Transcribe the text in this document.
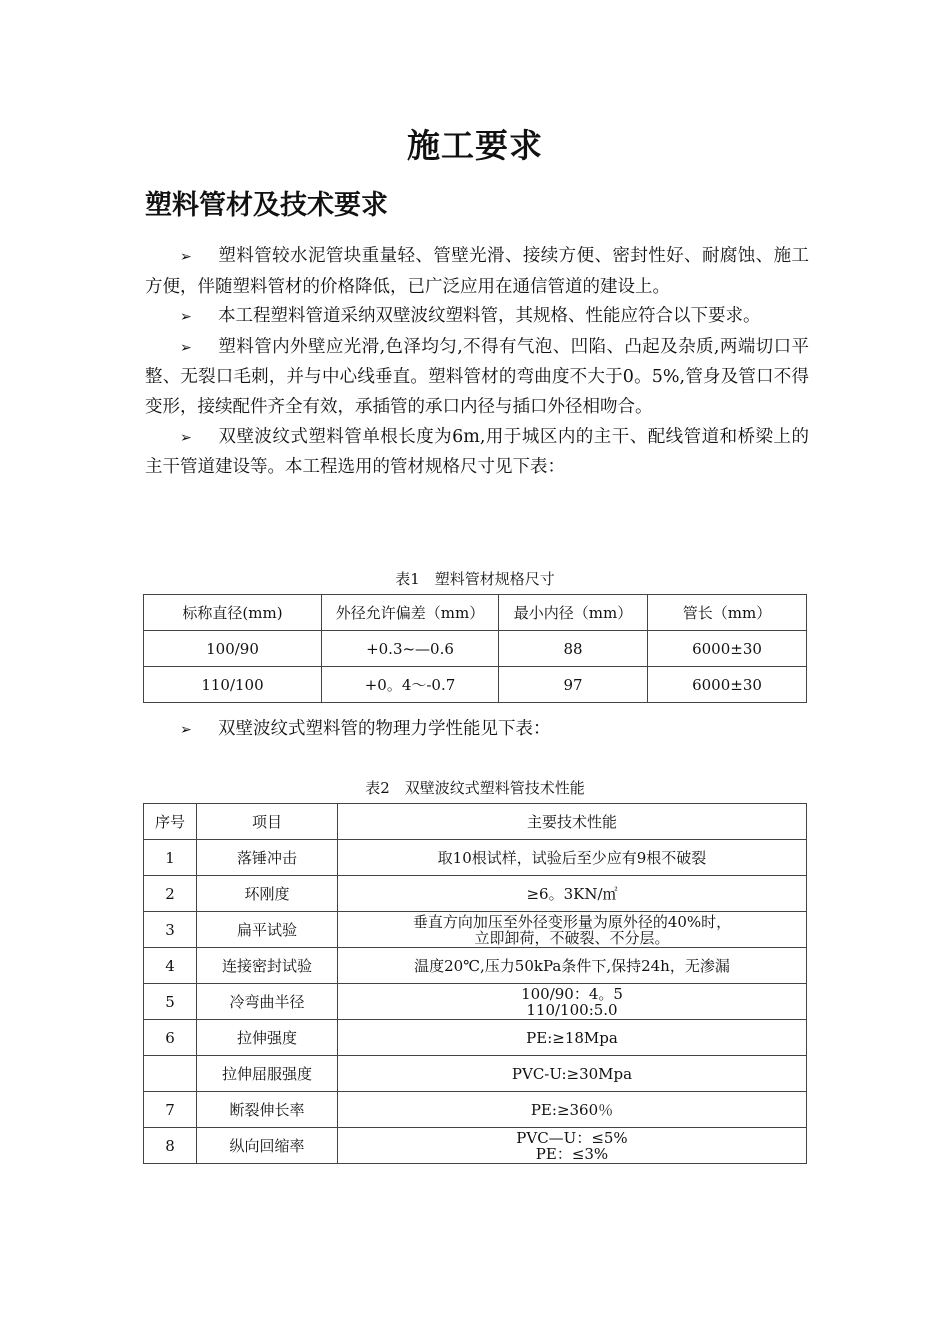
施工要求
塑料管材及技术要求

➢ 塑料管较水泥管块重量轻、管壁光滑、接续方便、密封性好、耐腐蚀、施工方便，伴随塑料管材的价格降低，已广泛应用在通信管道的建设上。

➢ 本工程塑料管道采纳双壁波纹塑料管，其规格、性能应符合以下要求。

➢ 塑料管内外壁应光滑,色泽均匀,不得有气泡、凹陷、凸起及杂质,两端切口平整、无裂口毛刺，并与中心线垂直。塑料管材的弯曲度不大于0。5%,管身及管口不得变形，接续配件齐全有效，承插管的承口内径与插口外径相吻合。

➢ 双壁波纹式塑料管单根长度为6m,用于城区内的主干、配线管道和桥梁上的主干管道建设等。本工程选用的管材规格尺寸见下表：

表1　塑料管材规格尺寸
标称直径(mm)	外径允许偏差（mm）	最小内径（mm）	管长（mm）
100/90	+0.3~—0.6	88	6000±30
110/100	+0。4～-0.7	97	6000±30
➢ 双壁波纹式塑料管的物理力学性能见下表：
表2　双壁波纹式塑料管技术性能
序号	项目	主要技术性能
1	落锤冲击	取10根试样，试验后至少应有9根不破裂
2	环刚度	≥6。3KN/㎡
3	扁平试验	垂直方向加压至外径变形量为原外径的40%时，
立即卸荷，不破裂、不分层。
4	连接密封试验	温度20℃,压力50kPa条件下,保持24h，无渗漏
5	冷弯曲半径	100/90：4。5
110/100:5.0
6	拉伸强度	PE:≥18Mpa
	拉伸屈服强度	PVC-U:≥30Mpa
7	断裂伸长率	PE:≥360％
8	纵向回缩率	PVC—U：≤5%
PE：≤3%
